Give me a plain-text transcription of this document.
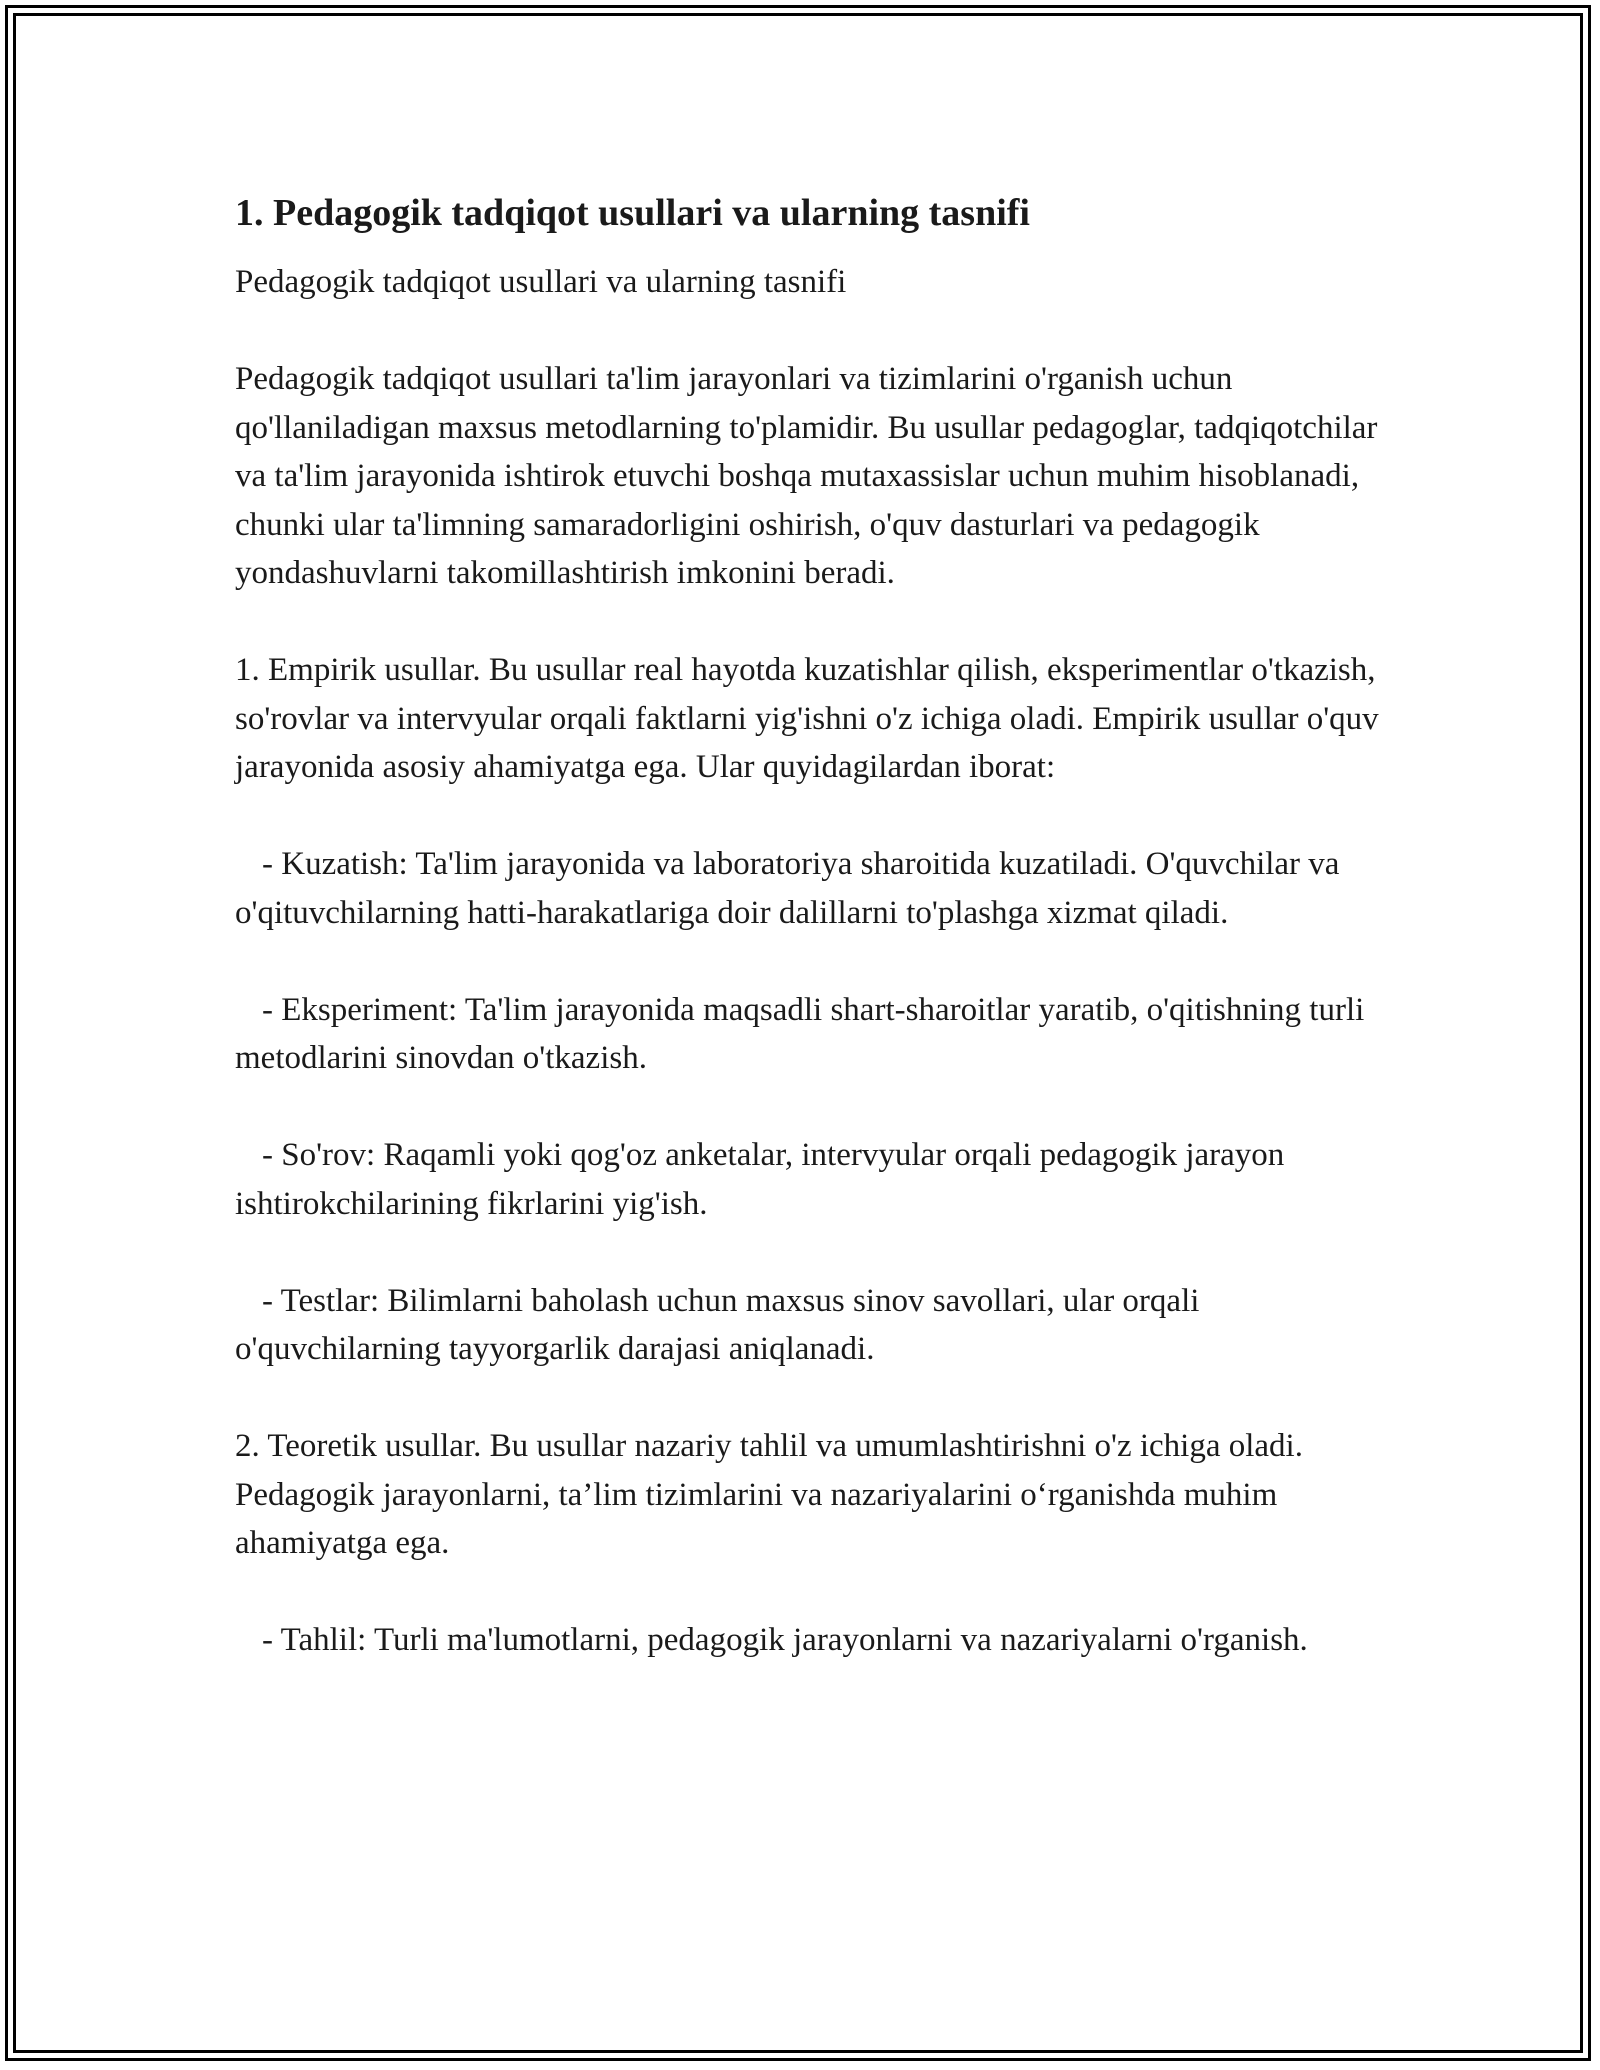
1. Pedagogik tadqiqot usullari va ularning tasnifi

Pedagogik tadqiqot usullari va ularning tasnifi

Pedagogik tadqiqot usullari ta'lim jarayonlari va tizimlarini o'rganish uchun qo'llaniladigan maxsus metodlarning to'plamidir. Bu usullar pedagoglar, tadqiqotchilar va ta'lim jarayonida ishtirok etuvchi boshqa mutaxassislar uchun muhim hisoblanadi, chunki ular ta'limning samaradorligini oshirish, o'quv dasturlari va pedagogik yondashuvlarni takomillashtirish imkonini beradi.

1. Empirik usullar. Bu usullar real hayotda kuzatishlar qilish, eksperimentlar o'tkazish, so'rovlar va intervyular orqali faktlarni yig'ishni o'z ichiga oladi. Empirik usullar o'quv jarayonida asosiy ahamiyatga ega. Ular quyidagilardan iborat:

- Kuzatish: Ta'lim jarayonida va laboratoriya sharoitida kuzatiladi. O'quvchilar va o'qituvchilarning hatti-harakatlariga doir dalillarni to'plashga xizmat qiladi.

- Eksperiment: Ta'lim jarayonida maqsadli shart-sharoitlar yaratib, o'qitishning turli metodlarini sinovdan o'tkazish.

- So'rov: Raqamli yoki qog'oz anketalar, intervyular orqali pedagogik jarayon ishtirokchilarining fikrlarini yig'ish.

- Testlar: Bilimlarni baholash uchun maxsus sinov savollari, ular orqali o'quvchilarning tayyorgarlik darajasi aniqlanadi.

2. Teoretik usullar. Bu usullar nazariy tahlil va umumlashtirishni o'z ichiga oladi. Pedagogik jarayonlarni, ta’lim tizimlarini va nazariyalarini o‘rganishda muhim ahamiyatga ega.

- Tahlil: Turli ma'lumotlarni, pedagogik jarayonlarni va nazariyalarni o'rganish.
